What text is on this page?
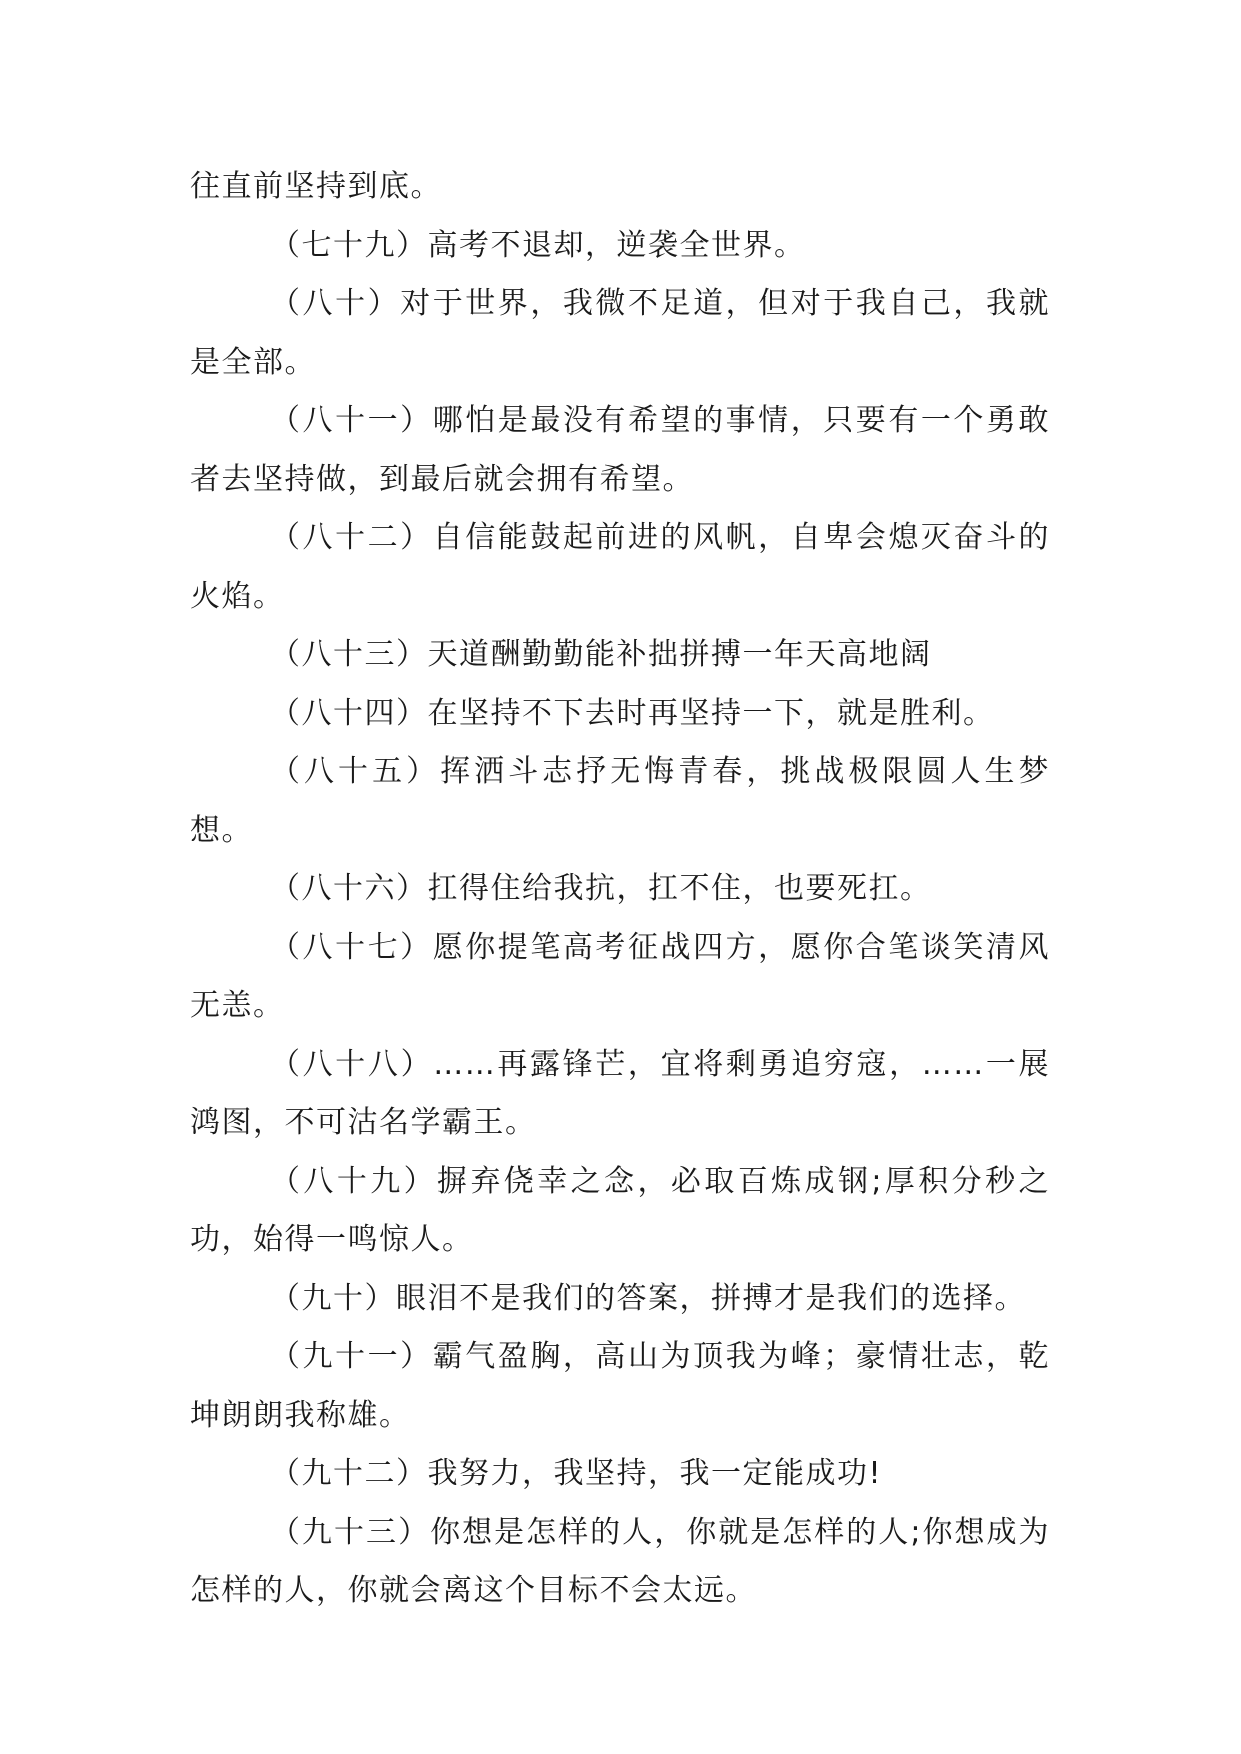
往直前坚持到底。

（七十九）高考不退却，逆袭全世界。

（八十）对于世界，我微不足道，但对于我自己，我就是全部。

（八十一）哪怕是最没有希望的事情，只要有一个勇敢者去坚持做，到最后就会拥有希望。

（八十二）自信能鼓起前进的风帆，自卑会熄灭奋斗的火焰。

（八十三）天道酬勤勤能补拙拼搏一年天高地阔

（八十四）在坚持不下去时再坚持一下，就是胜利。

（八十五）挥洒斗志抒无悔青春，挑战极限圆人生梦想。

（八十六）扛得住给我抗，扛不住，也要死扛。

（八十七）愿你提笔高考征战四方，愿你合笔谈笑清风无恙。

（八十八）……再露锋芒，宜将剩勇追穷寇，……一展鸿图，不可沽名学霸王。

（八十九）摒弃侥幸之念，必取百炼成钢;厚积分秒之功，始得一鸣惊人。

（九十）眼泪不是我们的答案，拼搏才是我们的选择。

（九十一）霸气盈胸，高山为顶我为峰；豪情壮志，乾坤朗朗我称雄。

（九十二）我努力，我坚持，我一定能成功!

（九十三）你想是怎样的人，你就是怎样的人;你想成为怎样的人，你就会离这个目标不会太远。
